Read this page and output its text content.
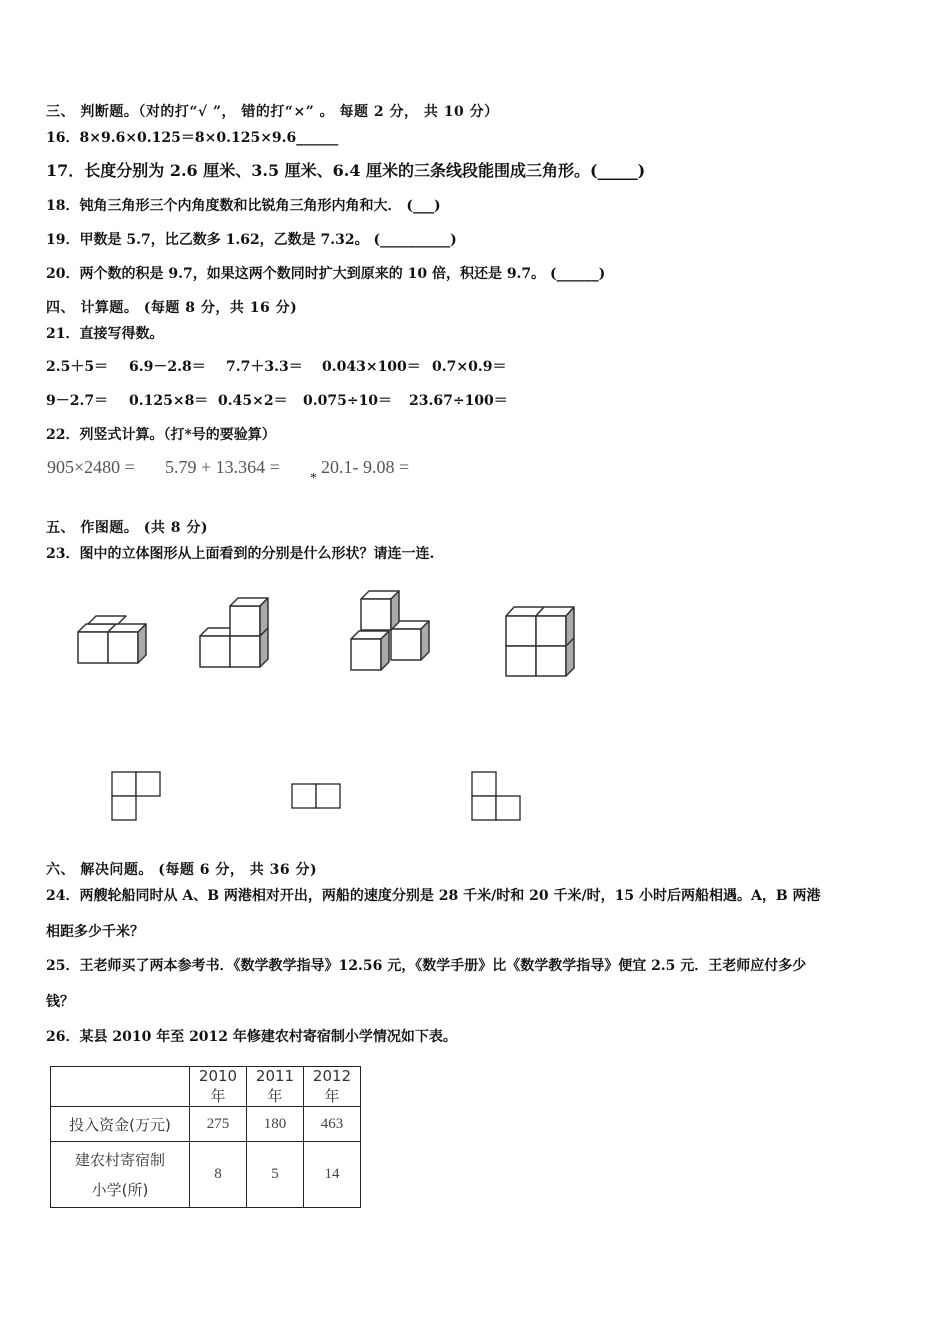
三、 判断题。（对的打“√ ”， 错的打“×” 。 每题 2 分， 共 10 分）
16．8×9.6×0.125＝8×0.125×9.6______
17．长度分别为 2.6 厘米、3.5 厘米、6.4 厘米的三条线段能围成三角形。(_____)
18．钝角三角形三个内角度数和比锐角三角形内角和大． (___)
19．甲数是 5.7，比乙数多 1.62，乙数是 7.32。 (__________)
20．两个数的积是 9.7，如果这两个数同时扩大到原来的 10 倍，积还是 9.7。 (______)
四、 计算题。 (每题 8 分，共 16 分)
21．直接写得数。
2.5＋5＝ 6.9－2.8＝ 7.7＋3.3＝ 0.043×100＝ 0.7×0.9＝
9－2.7＝ 0.125×8＝ 0.45×2＝ 0.075÷10＝ 23.67÷100＝
22．列竖式计算。（打*号的要验算）
905×2480 = 5.79 + 13.364 =
*
20.1- 9.08 =
五、 作图题。 (共 8 分)
23．图中的立体图形从上面看到的分别是什么形状？请连一连.
六、 解决问题。 (每题 6 分， 共 36 分)
24．两艘轮船同时从 A、B 两港相对开出，两船的速度分别是 28 千米/时和 20 千米/时，15 小时后两船相遇。A，B 两港
相距多少千米？
25．王老师买了两本参考书．《数学教学指导》12.56 元，《数学手册》比《数学教学指导》便宜 2.5 元．王老师应付多少
钱？
26．某县 2010 年至 2012 年修建农村寄宿制小学情况如下表。
	2010 年	2011 年	2012 年
投入资金(万元)	275	180	463

建农村寄宿制
小学(所)	8	5	14
